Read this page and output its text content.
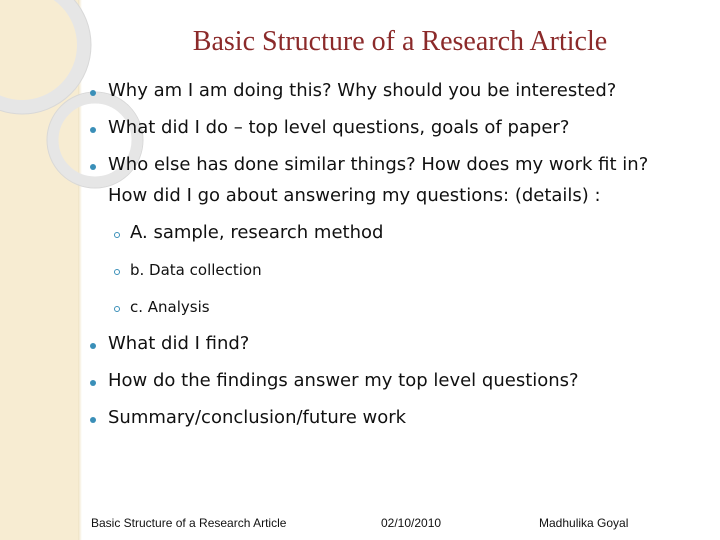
Basic Structure of a Research Article
Why am I am doing this? Why should you be interested?
What did I do – top level questions, goals of paper?
Who else has done similar things? How does my work fit in?
How did I go about answering my questions: (details) :
A. sample, research method
b. Data collection
c. Analysis
What did I find?
How do the findings answer my top level questions?
Summary/conclusion/future work
Basic Structure of a Research Article	02/10/2010	Madhulika Goyal
